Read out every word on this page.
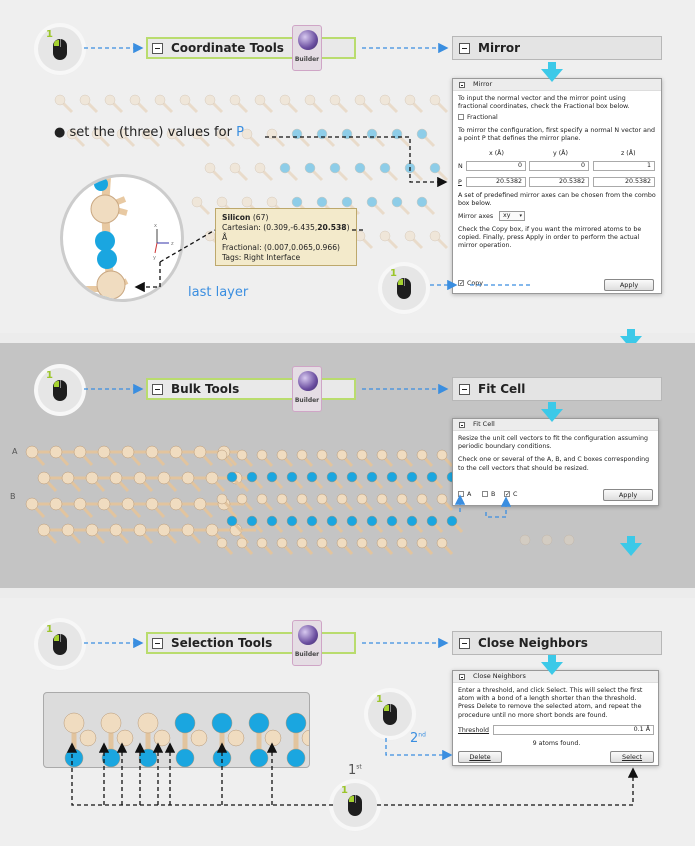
1
Coordinate Tools
Builder
Mirror
Mirror
To input the normal vector and the mirror point using fractional coordinates, check the Fractional box below.
Fractional
To mirror the configuration, first specify a normal N vector and a point P that defines the mirror plane.
x (Å)	y (Å)	z (Å)
N	0	0	1
P	20.5382	20.5382	20.5382
A set of predefined mirror axes can be chosen from the combo box below.
Mirror axes	xy ▾
Check the Copy box, if you want the mirrored atoms to be copied. Finally, press Apply in order to perform the actual mirror operation.
✓ Copy	Apply
● set the (three) values for P
x
z
y
Silicon (67)
Cartesian: (0.309,-6.435,20.538) Å
Fractional: (0.007,0.065,0.966)
Tags: Right Interface
last layer
1
1
Bulk Tools
Builder
Fit Cell
A
B
Fit Cell
Resize the unit cell vectors to fit the configuration assuming periodic boundary conditions.
Check one or several of the A, B, and C boxes corresponding to the cell vectors that should be resized.
A	B ✓ C	Apply
1
Selection Tools
Builder
Close Neighbors
Close Neighbors
Enter a threshold, and click Select. This will select the first atom with a bond of a length shorter than the threshold. Press Delete to remove the selected atom, and repeat the procedure until no more short bonds are found.
Threshold	0.1 Å
9 atoms found.
Delete	Select
1
2nd
1st
1
